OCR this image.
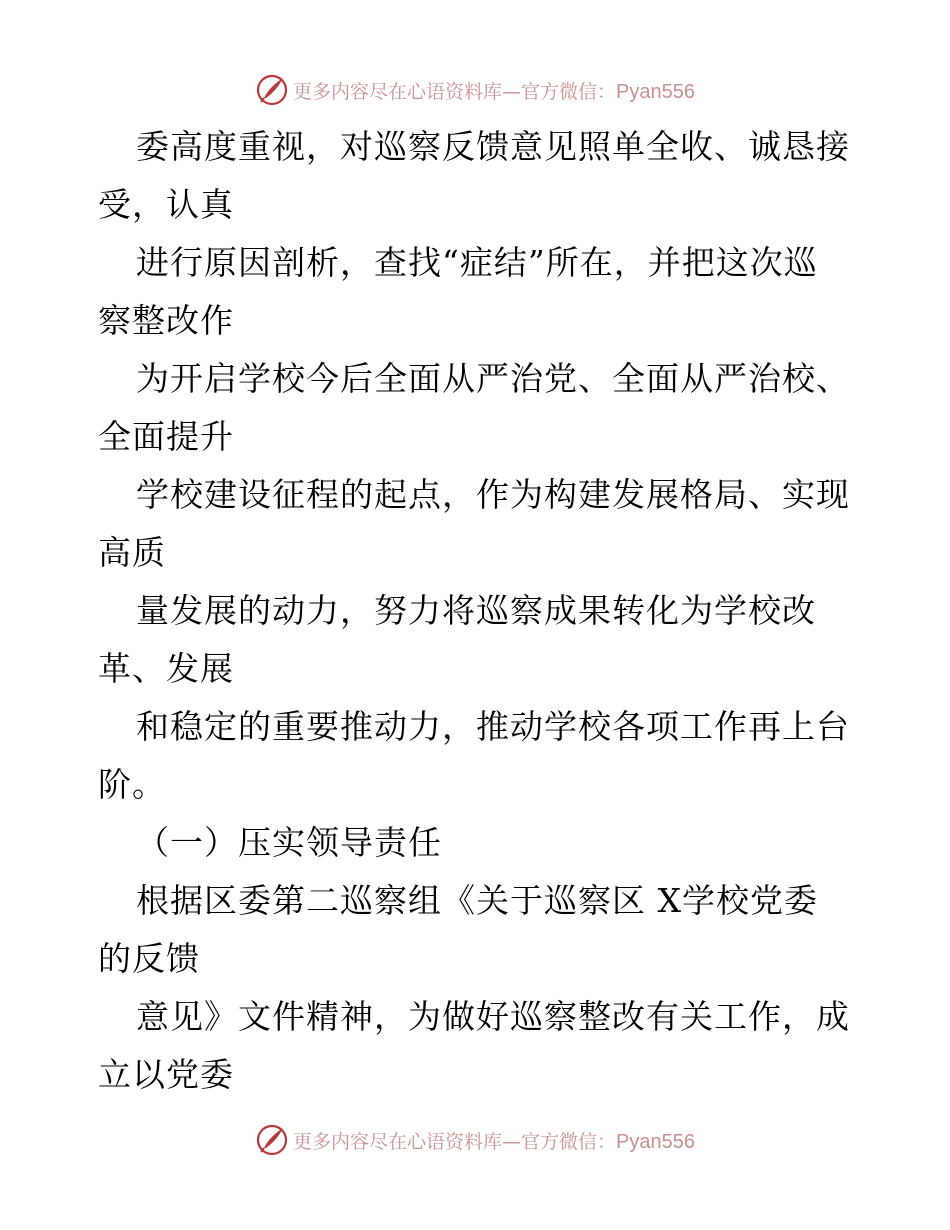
更多内容尽在心语资料库—官方微信：Pyan556
委高度重视，对巡察反馈意见照单全收、诚恳接
受，认真
进行原因剖析，查找“症结”所在，并把这次巡
察整改作
为开启学校今后全面从严治党、全面从严治校、
全面提升
学校建设征程的起点，作为构建发展格局、实现
高质
量发展的动力，努力将巡察成果转化为学校改
革、发展
和稳定的重要推动力，推动学校各项工作再上台
阶。
（一）压实领导责任
根据区委第二巡察组《关于巡察区 X学校党委
的反馈
意见》文件精神，为做好巡察整改有关工作，成
立以党委
更多内容尽在心语资料库—官方微信：Pyan556
